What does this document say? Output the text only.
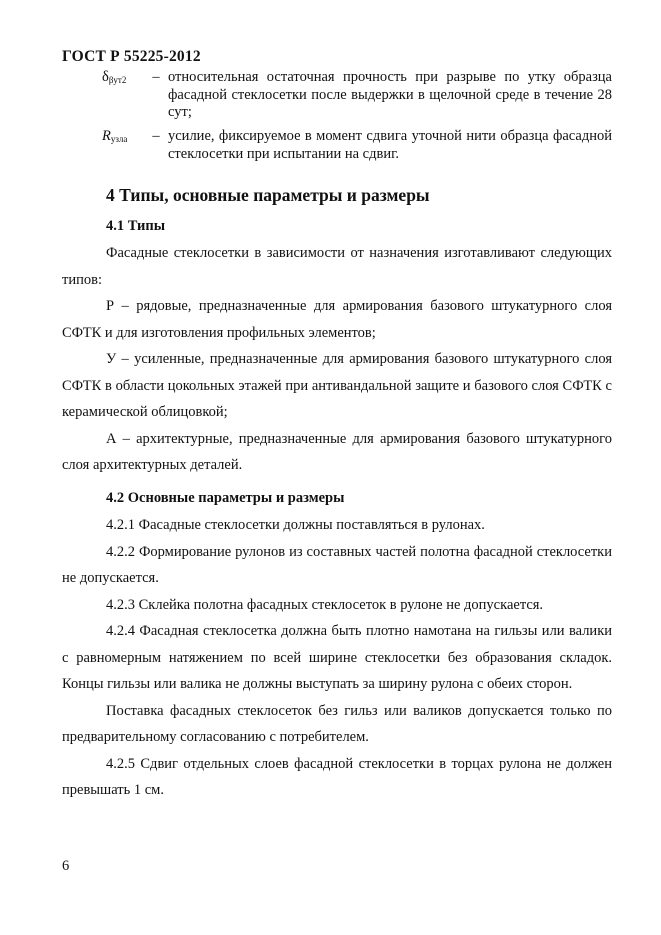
ГОСТ Р 55225-2012
$\delta_{\beta ут2}$	– относительная остаточная прочность при разрыве по утку образца фасадной стеклосетки после выдержки в щелочной среде в течение 28 сут;
$R_{узла}$	– усилие, фиксируемое в момент сдвига уточной нити образца фасадной стеклосетки при испытании на сдвиг.
4 Типы, основные параметры и размеры
4.1 Типы

Фасадные стеклосетки в зависимости от назначения изготавливают следующих типов:

Р – рядовые, предназначенные для армирования базового штукатурного слоя СФТК и для изготовления профильных элементов;

У – усиленные, предназначенные для армирования базового штукатурного слоя СФТК в области цокольных этажей при антивандальной защите и базового слоя СФТК с керамической облицовкой;

А – архитектурные, предназначенные для армирования базового штукатурного слоя архитектурных деталей.

4.2 Основные параметры и размеры

4.2.1 Фасадные стеклосетки должны поставляться в рулонах.

4.2.2 Формирование рулонов из составных частей полотна фасадной стеклосетки не допускается.

4.2.3 Склейка полотна фасадных стеклосеток в рулоне не допускается.

4.2.4 Фасадная стеклосетка должна быть плотно намотана на гильзы или валики с равномерным натяжением по всей ширине стеклосетки без образования складок. Концы гильзы или валика не должны выступать за ширину рулона с обеих сторон.

Поставка фасадных стеклосеток без гильз или валиков допускается только по предварительному согласованию с потребителем.

4.2.5 Сдвиг отдельных слоев фасадной стеклосетки в торцах рулона не должен превышать 1 см.

6
